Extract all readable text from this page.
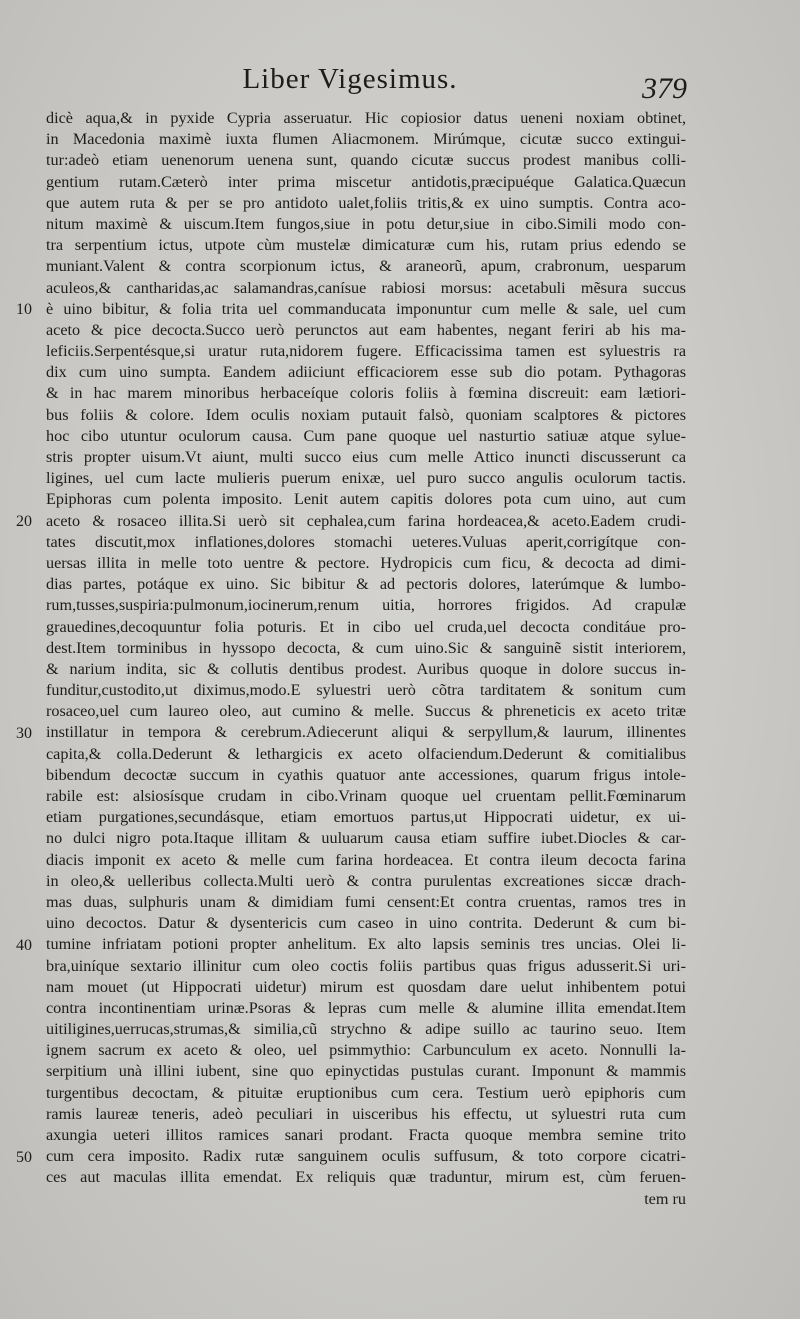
Liber Vigesimus.	379
10
20
30
40
50
dicè aqua,& in pyxide Cypria asseruatur. Hic copiosior datus ueneni noxiam obtinet,
in Macedonia maximè iuxta flumen Aliacmonem. Mirúmque, cicutæ succo extingui-
tur:adeò etiam uenenorum uenena sunt, quando cicutæ succus prodest manibus colli-
gentium rutam.Cæterò inter prima miscetur antidotis,præcipuéque Galatica.Quæcun
que autem ruta & per se pro antidoto ualet,foliis tritis,& ex uino sumptis. Contra aco-
nitum maximè & uiscum.Item fungos,siue in potu detur,siue in cibo.Simili modo con-
tra serpentium ictus, utpote cùm mustelæ dimicaturæ cum his, rutam prius edendo se
muniant.Valent & contra scorpionum ictus, & araneorũ, apum, crabronum, uesparum
aculeos,& cantharidas,ac salamandras,canísue rabiosi morsus: acetabuli mẽsura succus
è uino bibitur, & folia trita uel commanducata imponuntur cum melle & sale, uel cum
aceto & pice decocta.Succo uerò perunctos aut eam habentes, negant feriri ab his ma-
leficiis.Serpentésque,si uratur ruta,nidorem fugere. Efficacissima tamen est syluestris ra
dix cum uino sumpta. Eandem adiiciunt efficaciorem esse sub dio potam. Pythagoras
& in hac marem minoribus herbaceíque coloris foliis à fœmina discreuit: eam lætiori-
bus foliis & colore. Idem oculis noxiam putauit falsò, quoniam scalptores & pictores
hoc cibo utuntur oculorum causa. Cum pane quoque uel nasturtio satiuæ atque sylue-
stris propter uisum.Vt aiunt, multi succo eius cum melle Attico inuncti discusserunt ca
ligines, uel cum lacte mulieris puerum enixæ, uel puro succo angulis oculorum tactis.
Epiphoras cum polenta imposito. Lenit autem capitis dolores pota cum uino, aut cum
aceto & rosaceo illita.Si uerò sit cephalea,cum farina hordeacea,& aceto.Eadem crudi-
tates discutit,mox inflationes,dolores stomachi ueteres.Vuluas aperit,corrigítque con-
uersas illita in melle toto uentre & pectore. Hydropicis cum ficu, & decocta ad dimi-
dias partes, potáque ex uino. Sic bibitur & ad pectoris dolores, laterúmque & lumbo-
rum,tusses,suspiria:pulmonum,iocinerum,renum uitia, horrores frigidos. Ad crapulæ
grauedines,decoquuntur folia poturis. Et in cibo uel cruda,uel decocta conditáue pro-
dest.Item torminibus in hyssopo decocta, & cum uino.Sic & sanguinẽ sistit interiorem,
& narium indita, sic & collutis dentibus prodest. Auribus quoque in dolore succus in-
funditur,custodito,ut diximus,modo.E syluestri uerò cõtra tarditatem & sonitum cum
rosaceo,uel cum laureo oleo, aut cumino & melle. Succus & phreneticis ex aceto tritæ
instillatur in tempora & cerebrum.Adiecerunt aliqui & serpyllum,& laurum, illinentes
capita,& colla.Dederunt & lethargicis ex aceto olfaciendum.Dederunt & comitialibus
bibendum decoctæ succum in cyathis quatuor ante accessiones, quarum frigus intole-
rabile est: alsiosísque crudam in cibo.Vrinam quoque uel cruentam pellit.Fœminarum
etiam purgationes,secundásque, etiam emortuos partus,ut Hippocrati uidetur, ex ui-
no dulci nigro pota.Itaque illitam & uuluarum causa etiam suffire iubet.Diocles & car-
diacis imponit ex aceto & melle cum farina hordeacea. Et contra ileum decocta farina
in oleo,& uelleribus collecta.Multi uerò & contra purulentas excreationes siccæ drach-
mas duas, sulphuris unam & dimidiam fumi censent:Et contra cruentas, ramos tres in
uino decoctos. Datur & dysentericis cum caseo in uino contrita. Dederunt & cum bi-
tumine infriatam potioni propter anhelitum. Ex alto lapsis seminis tres uncias. Olei li-
bra,uiníque sextario illinitur cum oleo coctis foliis partibus quas frigus adusserit.Si uri-
nam mouet (ut Hippocrati uidetur) mirum est quosdam dare uelut inhibentem potui
contra incontinentiam urinæ.Psoras & lepras cum melle & alumine illita emendat.Item
uitiligines,uerrucas,strumas,& similia,cũ strychno & adipe suillo ac taurino seuo. Item
ignem sacrum ex aceto & oleo, uel psimmythio: Carbunculum ex aceto. Nonnulli la-
serpitium unà illini iubent, sine quo epinyctidas pustulas curant. Imponunt & mammis
turgentibus decoctam, & pituitæ eruptionibus cum cera. Testium uerò epiphoris cum
ramis laureæ teneris, adeò peculiari in uisceribus his effectu, ut syluestri ruta cum
axungia ueteri illitos ramices sanari prodant. Fracta quoque membra semine trito
cum cera imposito. Radix rutæ sanguinem oculis suffusum, & toto corpore cicatri-
ces aut maculas illita emendat. Ex reliquis quæ traduntur, mirum est, cùm feruen-
tem ru
